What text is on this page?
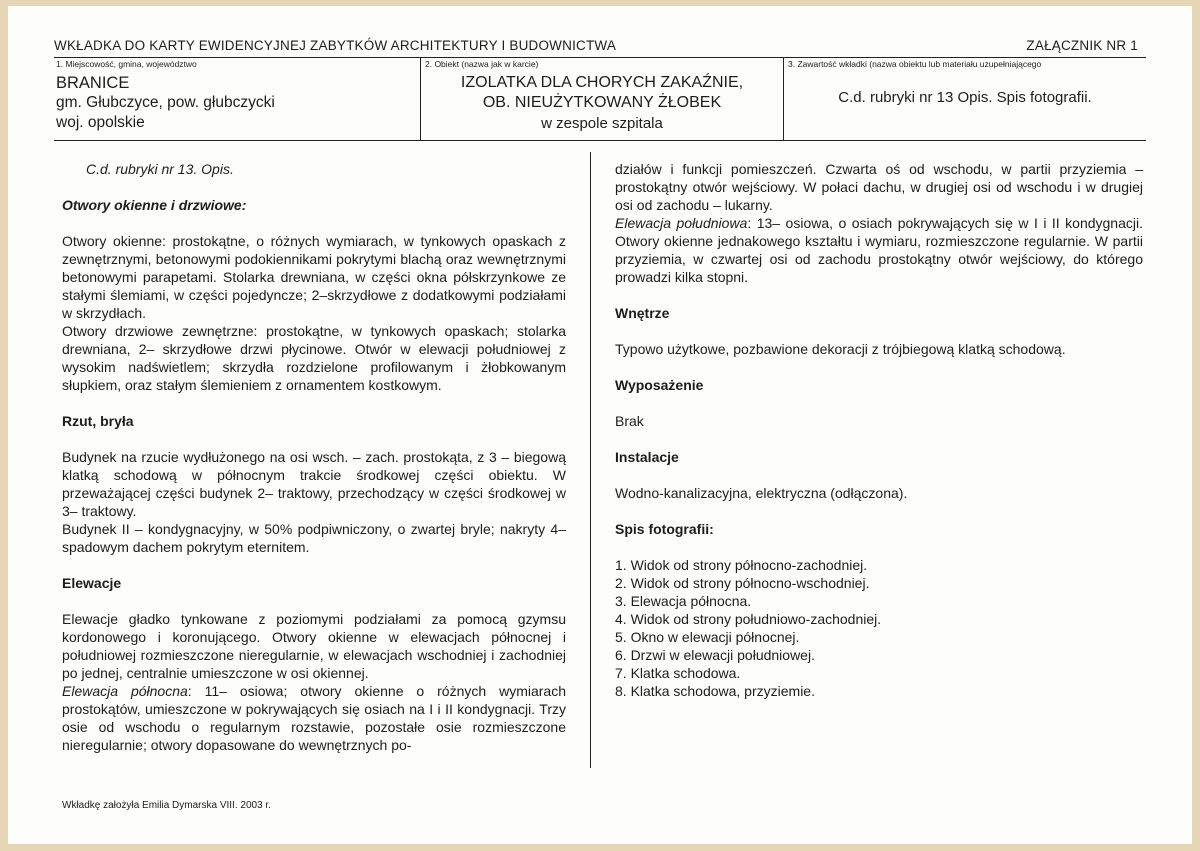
WKŁADKA DO KARTY EWIDENCYJNEJ ZABYTKÓW ARCHITEKTURY I BUDOWNICTWA	ZAŁĄCZNIK NR 1
1. Miejscowość, gmina, województwo
BRANICE
gm. Głubczyce, pow. głubczycki
woj. opolskie
2. Obiekt (nazwa jak w karcie)
IZOLATKA DLA CHORYCH ZAKAŹNIE,
OB. NIEUŻYTKOWANY ŻŁOBEK
w zespole szpitala
3. Zawartość wkładki (nazwa obiektu lub materiału uzupełniającego
C.d. rubryki nr 13 Opis. Spis fotografii.

C.d. rubryki nr 13. Opis.

Otwory okienne i drzwiowe:

Otwory okienne: prostokątne, o różnych wymiarach, w tynkowych opaskach z zewnętrznymi, betonowymi podokiennikami pokrytymi blachą oraz wewnętrznymi betonowymi parapetami. Stolarka drewniana, w części okna półskrzynkowe ze stałymi ślemiami, w części pojedyncze; 2–skrzydłowe z dodatkowymi podziałami w skrzydłach.

Otwory drzwiowe zewnętrzne: prostokątne, w tynkowych opaskach; stolarka drewniana, 2– skrzydłowe drzwi płycinowe. Otwór w elewacji południowej z wysokim nadświetlem; skrzydła rozdzielone profilowanym i żłobkowanym słupkiem, oraz stałym ślemieniem z ornamentem kostkowym.

Rzut, bryła

Budynek na rzucie wydłużonego na osi wsch. – zach. prostokąta, z 3 – biegową klatką schodową w północnym trakcie środkowej części obiektu. W przeważającej części budynek 2– traktowy, przechodzący w części środkowej w 3– traktowy.

Budynek II – kondygnacyjny, w 50% podpiwniczony, o zwartej bryle; nakryty 4– spadowym dachem pokrytym eternitem.

Elewacje

Elewacje gładko tynkowane z poziomymi podziałami za pomocą gzymsu kordonowego i koronującego. Otwory okienne w elewacjach północnej i południowej rozmieszczone nieregularnie, w elewacjach wschodniej i zachodniej po jednej, centralnie umieszczone w osi okiennej.

Elewacja północna: 11– osiowa; otwory okienne o różnych wymiarach prostokątów, umieszczone w pokrywających się osiach na I i II kondygnacji. Trzy osie od wschodu o regularnym rozstawie, pozostałe osie rozmieszczone nieregularnie; otwory dopasowane do wewnętrznych po-

działów i funkcji pomieszczeń. Czwarta oś od wschodu, w partii przyziemia – prostokątny otwór wejściowy. W połaci dachu, w drugiej osi od wschodu i w drugiej osi od zachodu – lukarny.

Elewacja południowa: 13– osiowa, o osiach pokrywających się w I i II kondygnacji. Otwory okienne jednakowego kształtu i wymiaru, rozmieszczone regularnie. W partii przyziemia, w czwartej osi od zachodu prostokątny otwór wejściowy, do którego prowadzi kilka stopni.

Wnętrze

Typowo użytkowe, pozbawione dekoracji z trójbiegową klatką schodową.

Wyposażenie

Brak

Instalacje

Wodno-kanalizacyjna, elektryczna (odłączona).

Spis fotografii:

1. Widok od strony północno-zachodniej.
2. Widok od strony północno-wschodniej.
3. Elewacja północna.
4. Widok od strony południowo-zachodniej.
5. Okno w elewacji północnej.
6. Drzwi w elewacji południowej.
7. Klatka schodowa.
8. Klatka schodowa, przyziemie.
Wkładkę założyła Emilia Dymarska VIII. 2003 r.
